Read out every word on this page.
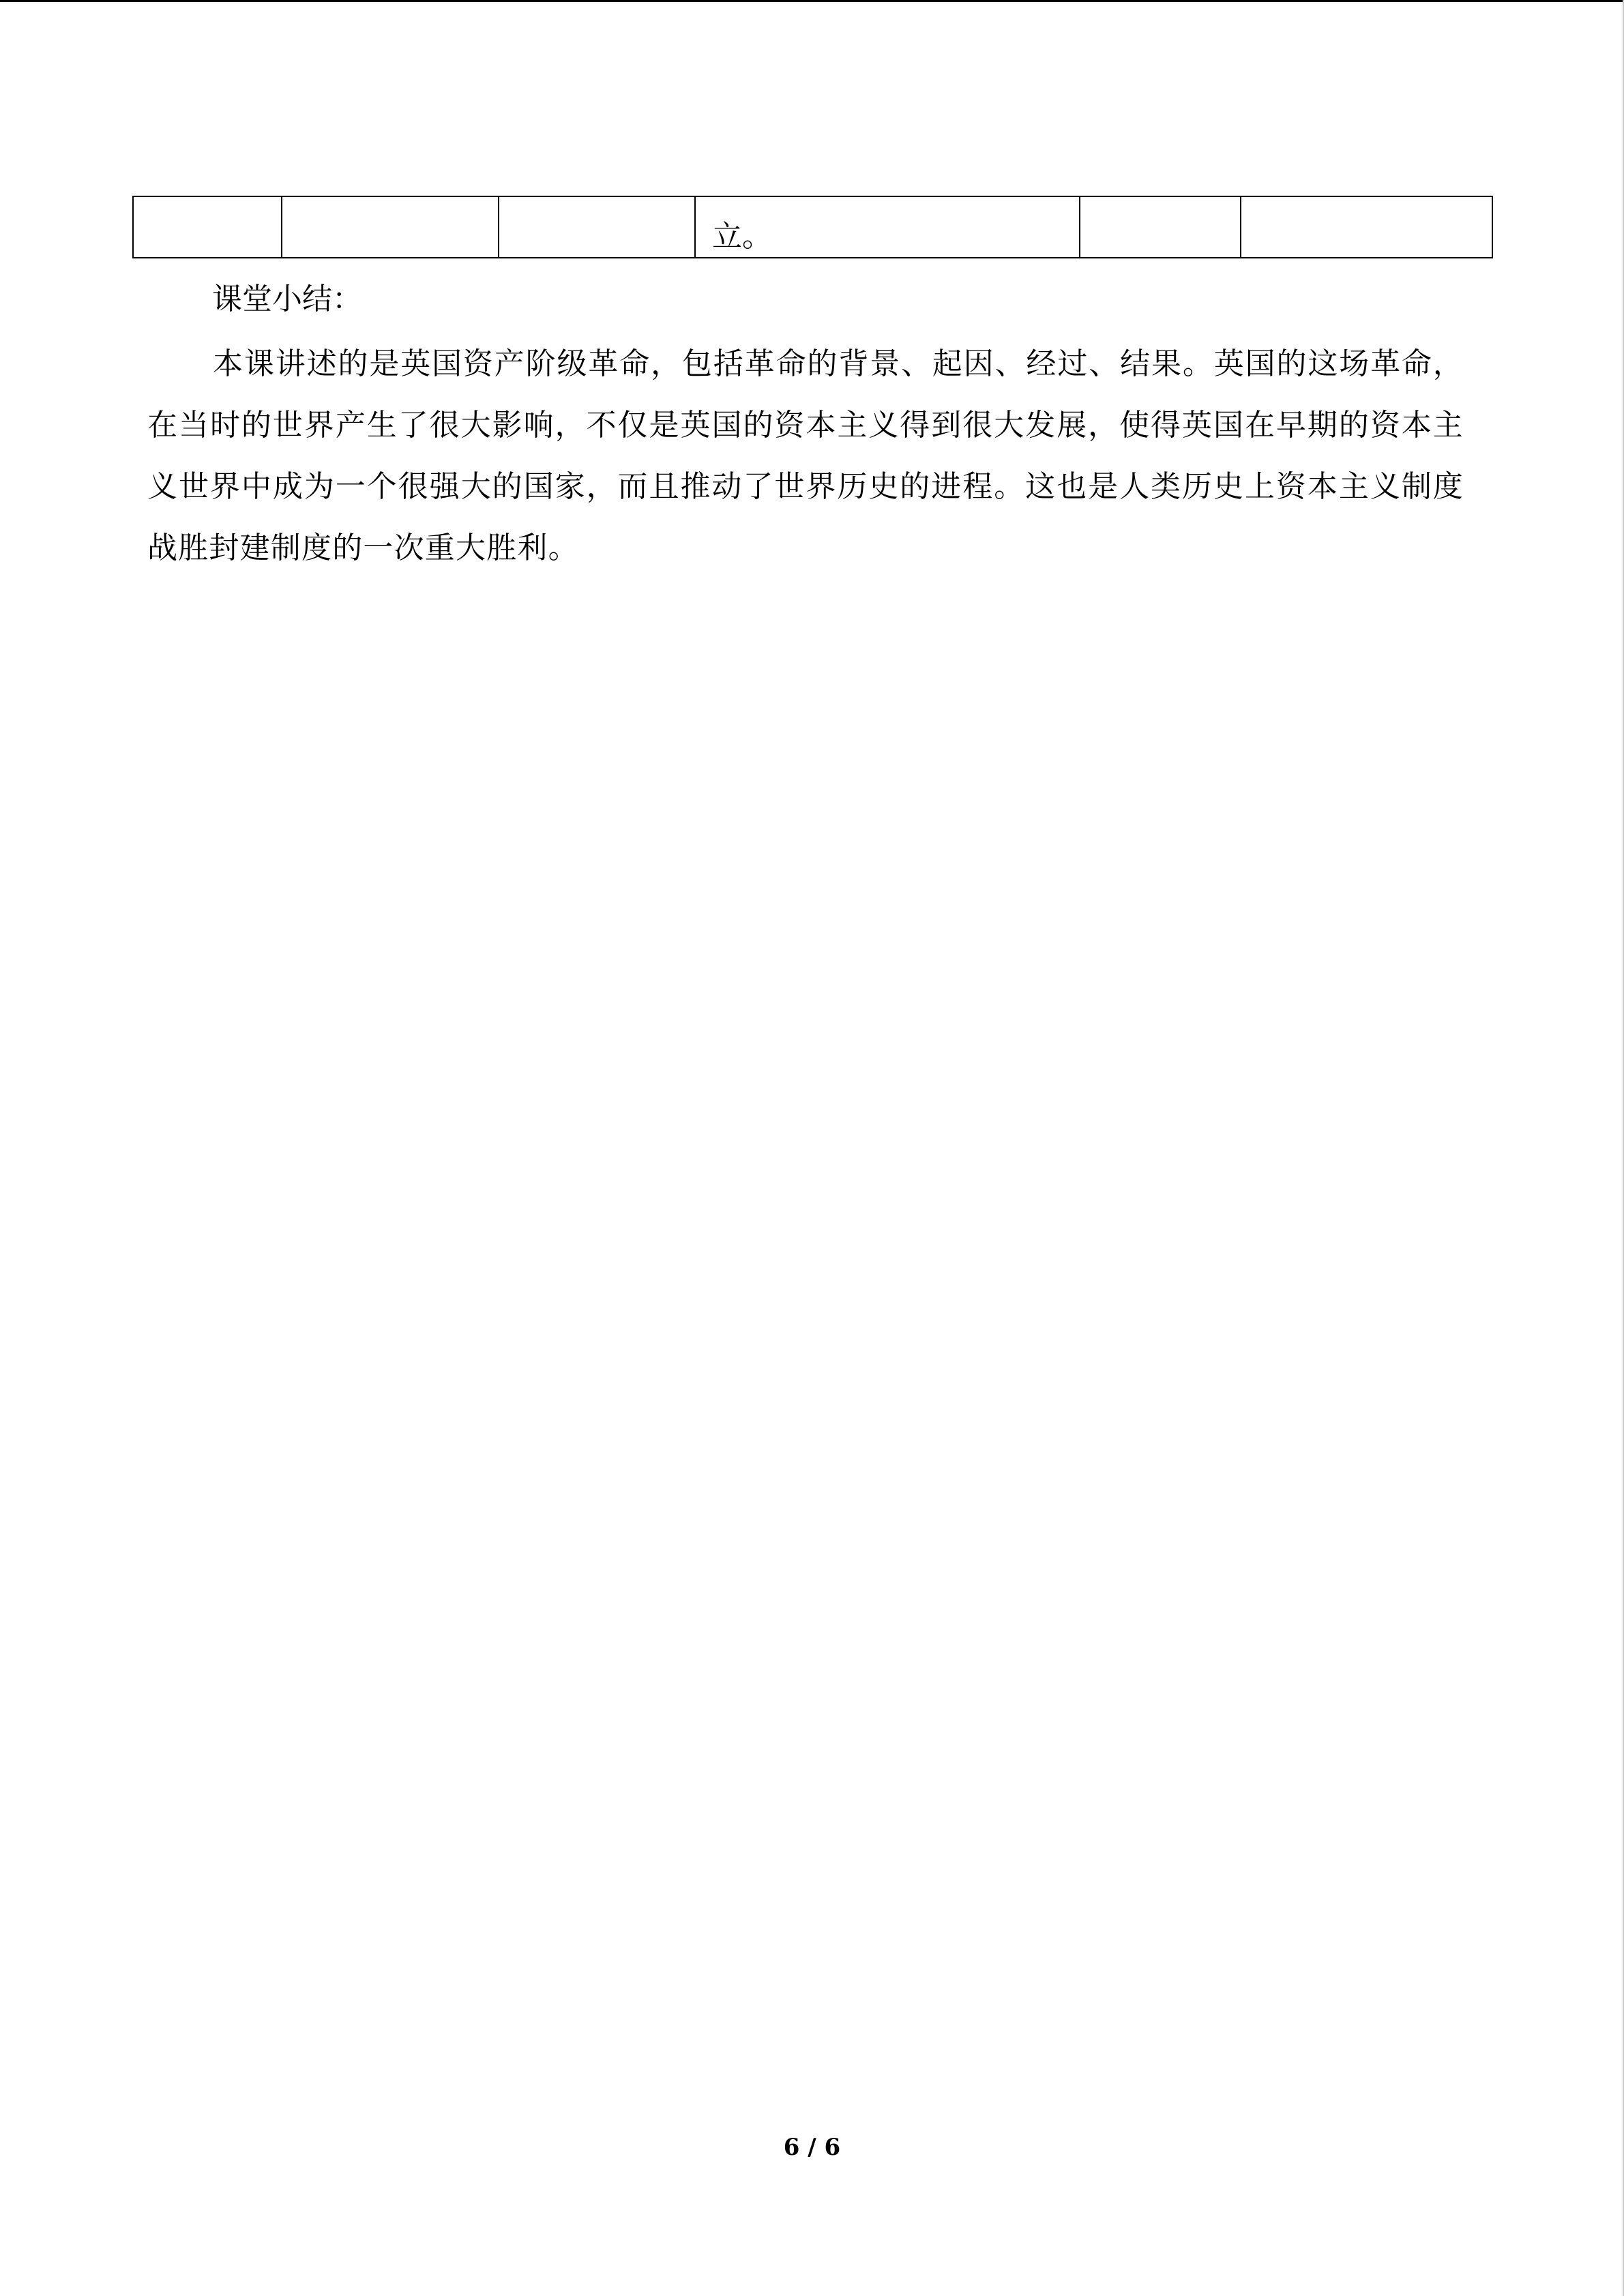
			立。		
课堂小结：

本课讲述的是英国资产阶级革命，包括革命的背景、起因、经过、结果。英国的这场革命，在当时的世界产生了很大影响，不仅是英国的资本主义得到很大发展，使得英国在早期的资本主义世界中成为一个很强大的国家，而且推动了世界历史的进程。这也是人类历史上资本主义制度战胜封建制度的一次重大胜利。

6 / 6
